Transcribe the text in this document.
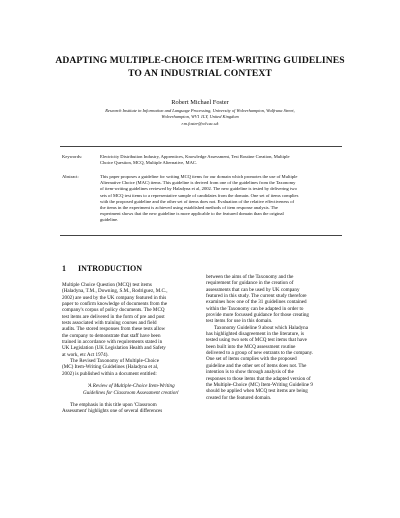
ADAPTING MULTIPLE-CHOICE ITEM-WRITING GUIDELINES
TO AN INDUSTRIAL CONTEXT
Robert Michael Foster
Research Institute in Information and Language Processing, University of Wolverhampton, Wulfruna Street,
Wolverhampton, WV1 1LY, United Kingdom
r.m.foster@wlv.ac.uk
Keywords:	Electricity Distribution Industry, Apprentices, Knowledge Assessment, Test Routine Creation, Multiple
Choice Question, MCQ, Multiple Alternative, MAC.
Abstract:	This paper proposes a guideline for writing MCQ items for our domain which promotes the use of Multiple
Alternative Choice (MAC) items. This guideline is derived from one of the guidelines from the Taxonomy
of item-writing guidelines reviewed by Haladyna et al, 2002. The new guideline is tested by delivering two
sets of MCQ test items to a representative sample of candidates from the domain. One set of items complies
with the proposed guideline and the other set of items does not. Evaluation of the relative effectiveness of
the items in the experiment is achieved using established methods of item response analysis. The
experiment shows that the new guideline is more applicable to the featured domain than the original
guideline.
1 INTRODUCTION
Multiple Choice Question (MCQ) test items
(Haladyna, T.M., Downing, S.M., Rodriguez, M.C.,
2002) are used by the UK company featured in this
paper to confirm knowledge of documents from the
company's corpus of policy documents. The MCQ
test items are delivered in the form of pre and post
tests associated with training courses and field
audits. The stored responses from these tests allow
the company to demonstrate that staff have been
trained in accordance with requirements stated in
UK Legislation (UK Legislation Health and Safety
at work, etc Act 1974).
The Revised Taxonomy of Multiple-Choice
(MC) Item-Writing Guidelines (Haladyna et al,
2002) is published within a document entitled:
'A Review of Multiple-Choice Item-Writing
Guidelines for Classroom Assessment creation'
The emphasis in this title upon 'Classroom
Assessment' highlights one of several differences
between the aims of the Taxonomy and the
requirement for guidance in the creation of
assessments that can be used by UK company
featured in this study. The current study therefore
examines how one of the 31 guidelines contained
within the Taxonomy can be adapted in order to
provide more focussed guidance for those creating
test items for use in this domain.
Taxonomy Guideline 9 about which Haladyna
has highlighted disagreement in the literature, is
tested using two sets of MCQ test items that have
been built into the MCQ assessment routine
delivered to a group of new entrants to the company.
One set of items complies with the proposed
guideline and the other set of items does not. The
intention is to show through analysis of the
responses to those items that the adapted version of
the Multiple-Choice (MC) Item-Writing Guideline 9
should be applied when MCQ test items are being
created for the featured domain.
